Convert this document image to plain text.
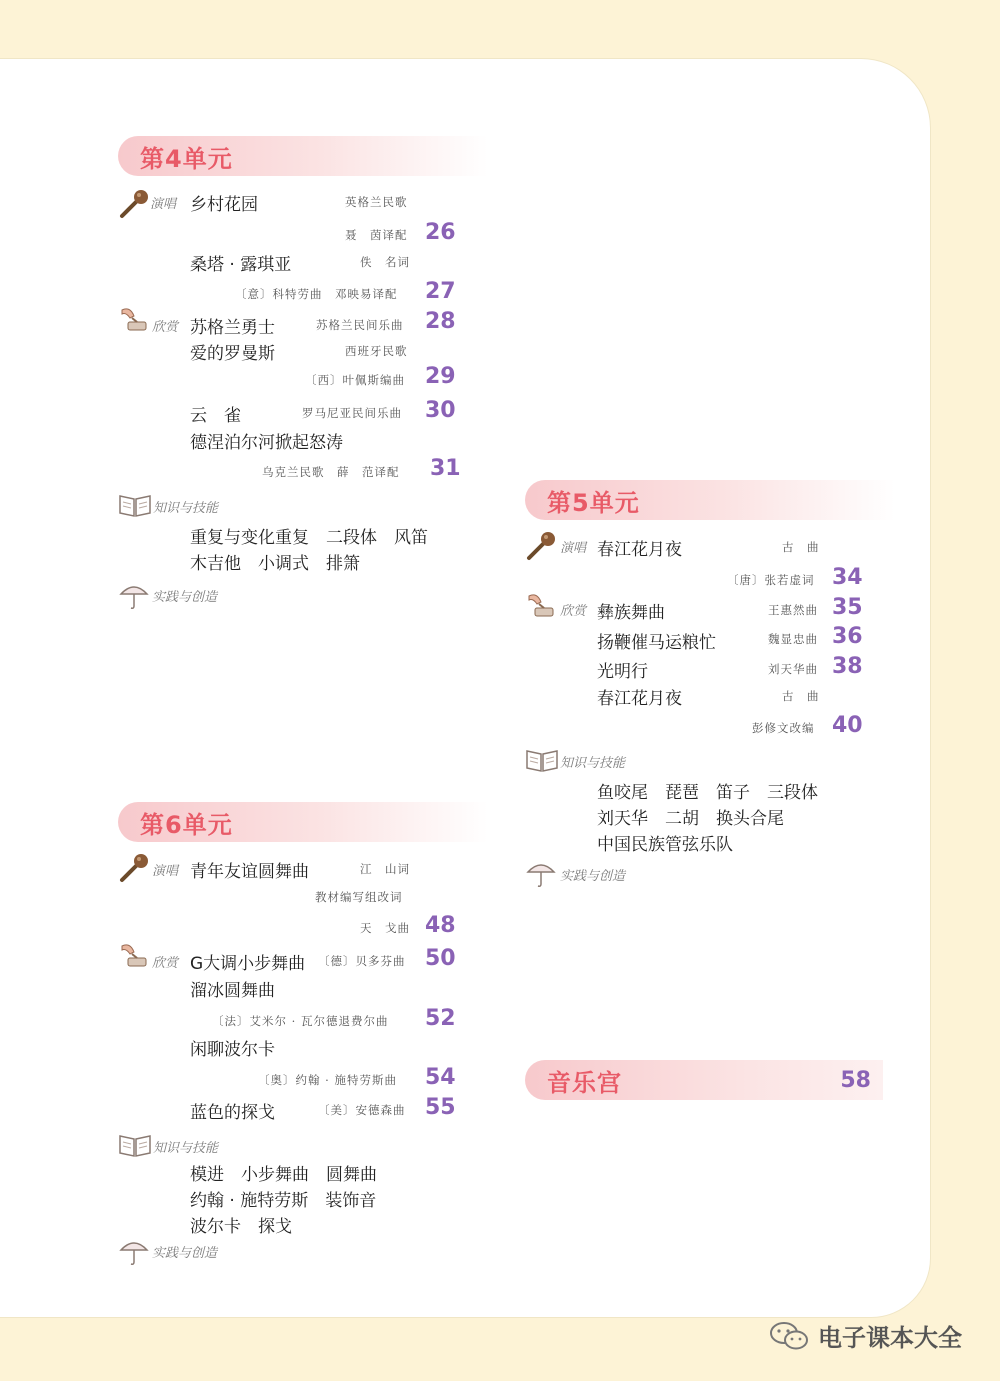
第4单元
演唱 乡村花园	英格兰民歌
聂　茵译配 26
桑塔 · 露琪亚	佚　名词
〔意〕科特劳曲　邓映易译配 27
欣赏 苏格兰勇士	苏格兰民间乐曲 28
爱的罗曼斯	西班牙民歌
〔西〕叶佩斯编曲 29
云　雀	罗马尼亚民间乐曲 30
德涅泊尔河掀起怒涛
乌克兰民歌　薛　范译配 31
知识与技能
重复与变化重复　二段体　风笛
木吉他　小调式　排箫
实践与创造
第5单元
演唱 春江花月夜	古　曲
〔唐〕张若虚词 34
欣赏 彝族舞曲	王惠然曲 35
扬鞭催马运粮忙	魏显忠曲 36
光明行	刘天华曲 38
春江花月夜	古　曲
彭修文改编 40
知识与技能
鱼咬尾　琵琶　笛子　三段体
刘天华　二胡　换头合尾
中国民族管弦乐队
实践与创造
第6单元
演唱 青年友谊圆舞曲	江　山词
教材编写组改词
天　戈曲 48
欣赏 G大调小步舞曲 〔德〕贝多芬曲 50
溜冰圆舞曲
〔法〕艾米尔 · 瓦尔德退费尔曲 52
闲聊波尔卡
〔奥〕约翰 · 施特劳斯曲 54
蓝色的探戈	〔美〕安德森曲 55
知识与技能
模进　小步舞曲　圆舞曲
约翰 · 施特劳斯　装饰音
波尔卡　探戈
实践与创造
音乐宫	58
电子课本大全
